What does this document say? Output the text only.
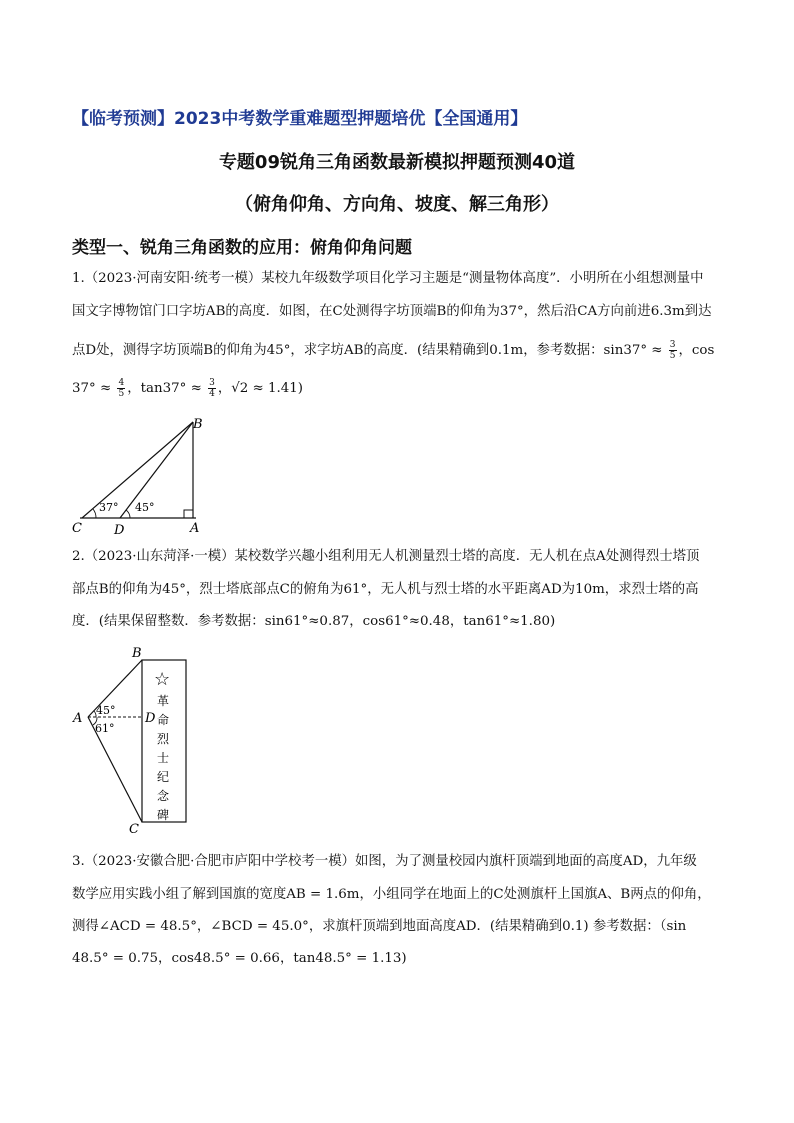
【临考预测】2023中考数学重难题型押题培优【全国通用】
专题09锐角三角函数最新模拟押题预测40道
（俯角仰角、方向角、坡度、解三角形）
类型一、锐角三角函数的应用：俯角仰角问题
1.（2023·河南安阳·统考一模）某校九年级数学项目化学习主题是“测量物体高度”．小明所在小组想测量中
国文字博物馆门口字坊AB的高度．如图，在C处测得字坊顶端B的仰角为37°，然后沿CA方向前进6.3m到达
点D处，测得字坊顶端B的仰角为45°，求字坊AB的高度．(结果精确到0.1m，参考数据：$\sin 37^\circ \approx \frac{3}{5}$ ，cos
$37^\circ \approx \frac{4}{5}$ ，$\tan 37^\circ \approx \frac{3}{4}$ ，√2 ≈ 1.41)
B
C D	A
37° 45°
2.（2023·山东菏泽·一模）某校数学兴趣小组利用无人机测量烈士塔的高度．无人机在点A处测得烈士塔顶
部点B的仰角为45°，烈士塔底部点C的俯角为61°，无人机与烈士塔的水平距离AD为10m，求烈士塔的高
度．(结果保留整数．参考数据：sin61°≈0.87，cos61°≈0.48，tan61°≈1.80)
B
A	D
C
45°
61°
☆
革
命
烈
士
纪
念
碑
3.（2023·安徽合肥·合肥市庐阳中学校考一模）如图，为了测量校园内旗杆顶端到地面的高度AD，九年级
数学应用实践小组了解到国旗的宽度AB = 1.6m，小组同学在地面上的C处测旗杆上国旗A、B两点的仰角，
测得∠ACD = 48.5°，∠BCD = 45.0°，求旗杆顶端到地面高度AD．(结果精确到0.1) 参考数据：（sin
48.5° = 0.75，cos48.5° = 0.66，tan48.5° = 1.13)
